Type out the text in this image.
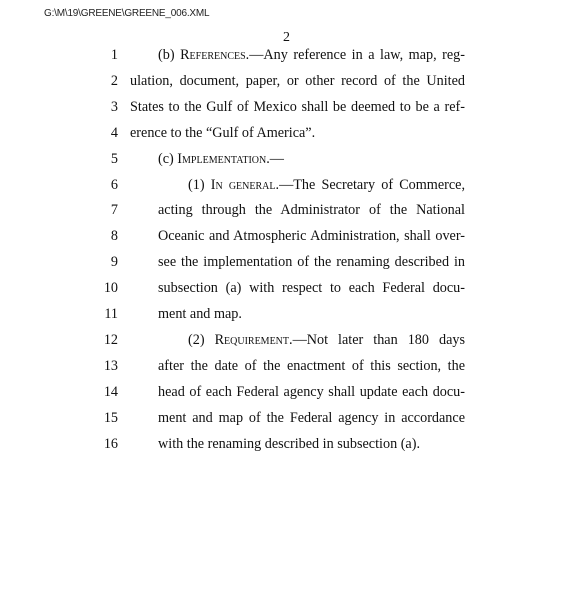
G:\M\19\GREENE\GREENE_006.XML
2
1	(b) References.—Any reference in a law, map, reg-
2 ulation, document, paper, or other record of the United
3 States to the Gulf of Mexico shall be deemed to be a ref-
4 erence to the “Gulf of America”.
5	(c) Implementation.—
6	(1) In general.—The Secretary of Commerce,
7	acting through the Administrator of the National
8	Oceanic and Atmospheric Administration, shall over-
9	see the implementation of the renaming described in
10	subsection (a) with respect to each Federal docu-
11	ment and map.
12	(2) Requirement.—Not later than 180 days
13	after the date of the enactment of this section, the
14	head of each Federal agency shall update each docu-
15	ment and map of the Federal agency in accordance
16	with the renaming described in subsection (a).
